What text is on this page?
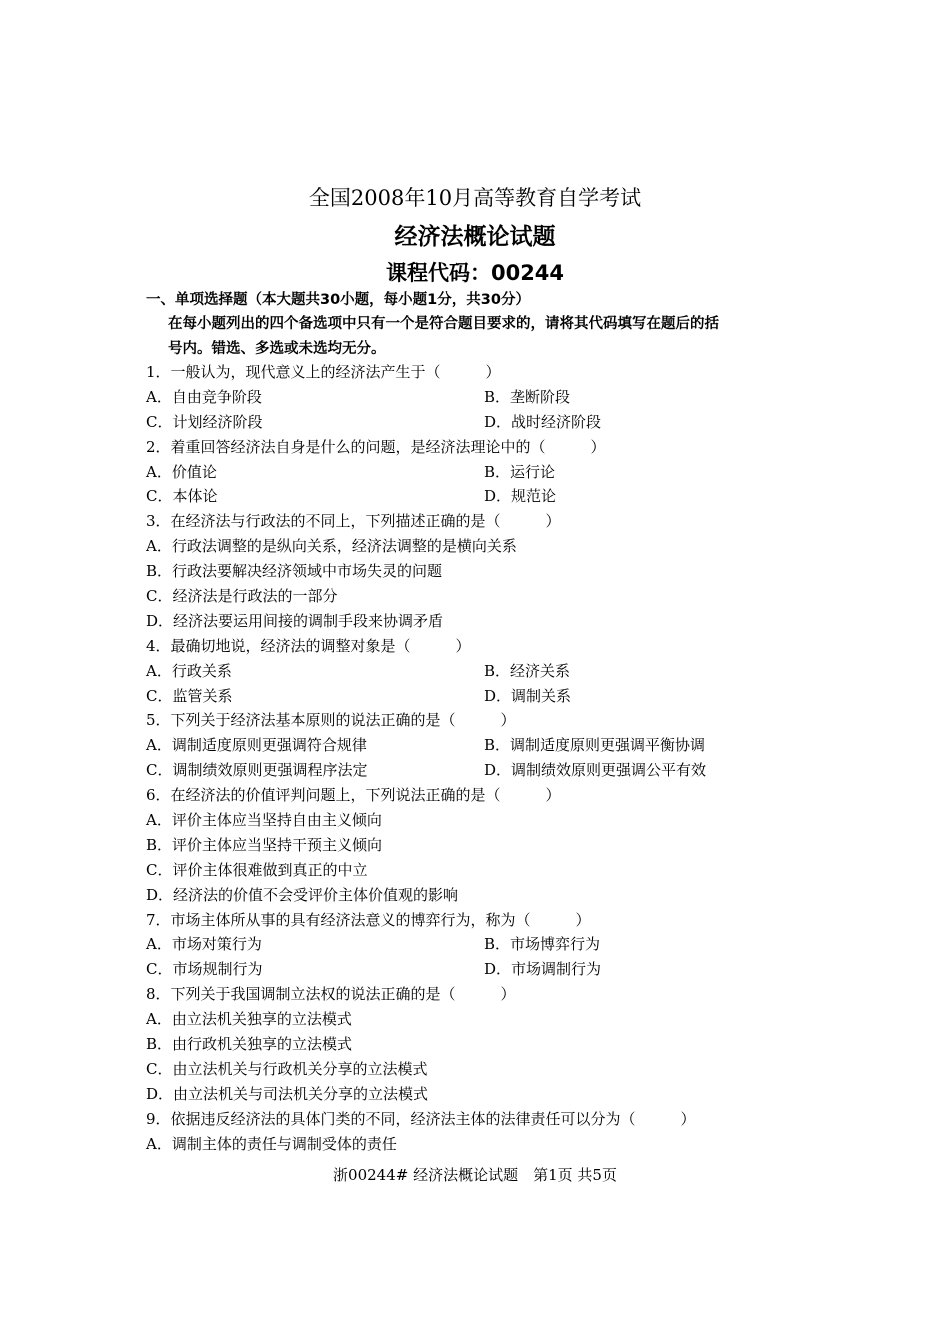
全国2008年10月高等教育自学考试
经济法概论试题
课程代码：00244
一、单项选择题（本大题共30小题，每小题1分，共30分）
在每小题列出的四个备选项中只有一个是符合题目要求的，请将其代码填写在题后的括
号内。错选、多选或未选均无分。
1．一般认为，现代意义上的经济法产生于（　　　）
A．自由竞争阶段	B．垄断阶段
C．计划经济阶段	D．战时经济阶段
2．着重回答经济法自身是什么的问题，是经济法理论中的（　　　）
A．价值论	B．运行论
C．本体论	D．规范论
3．在经济法与行政法的不同上，下列描述正确的是（　　　）
A．行政法调整的是纵向关系，经济法调整的是横向关系
B．行政法要解决经济领域中市场失灵的问题
C．经济法是行政法的一部分
D．经济法要运用间接的调制手段来协调矛盾
4．最确切地说，经济法的调整对象是（　　　）
A．行政关系	B．经济关系
C．监管关系	D．调制关系
5．下列关于经济法基本原则的说法正确的是（　　　）
A．调制适度原则更强调符合规律	B．调制适度原则更强调平衡协调
C．调制绩效原则更强调程序法定	D．调制绩效原则更强调公平有效
6．在经济法的价值评判问题上，下列说法正确的是（　　　）
A．评价主体应当坚持自由主义倾向
B．评价主体应当坚持干预主义倾向
C．评价主体很难做到真正的中立
D．经济法的价值不会受评价主体价值观的影响
7．市场主体所从事的具有经济法意义的博弈行为，称为（　　　）
A．市场对策行为	B．市场博弈行为
C．市场规制行为	D．市场调制行为
8．下列关于我国调制立法权的说法正确的是（　　　）
A．由立法机关独享的立法模式
B．由行政机关独享的立法模式
C．由立法机关与行政机关分享的立法模式
D．由立法机关与司法机关分享的立法模式
9．依据违反经济法的具体门类的不同，经济法主体的法律责任可以分为（　　　）
A．调制主体的责任与调制受体的责任
浙00244# 经济法概论试题　第1页 共5页
